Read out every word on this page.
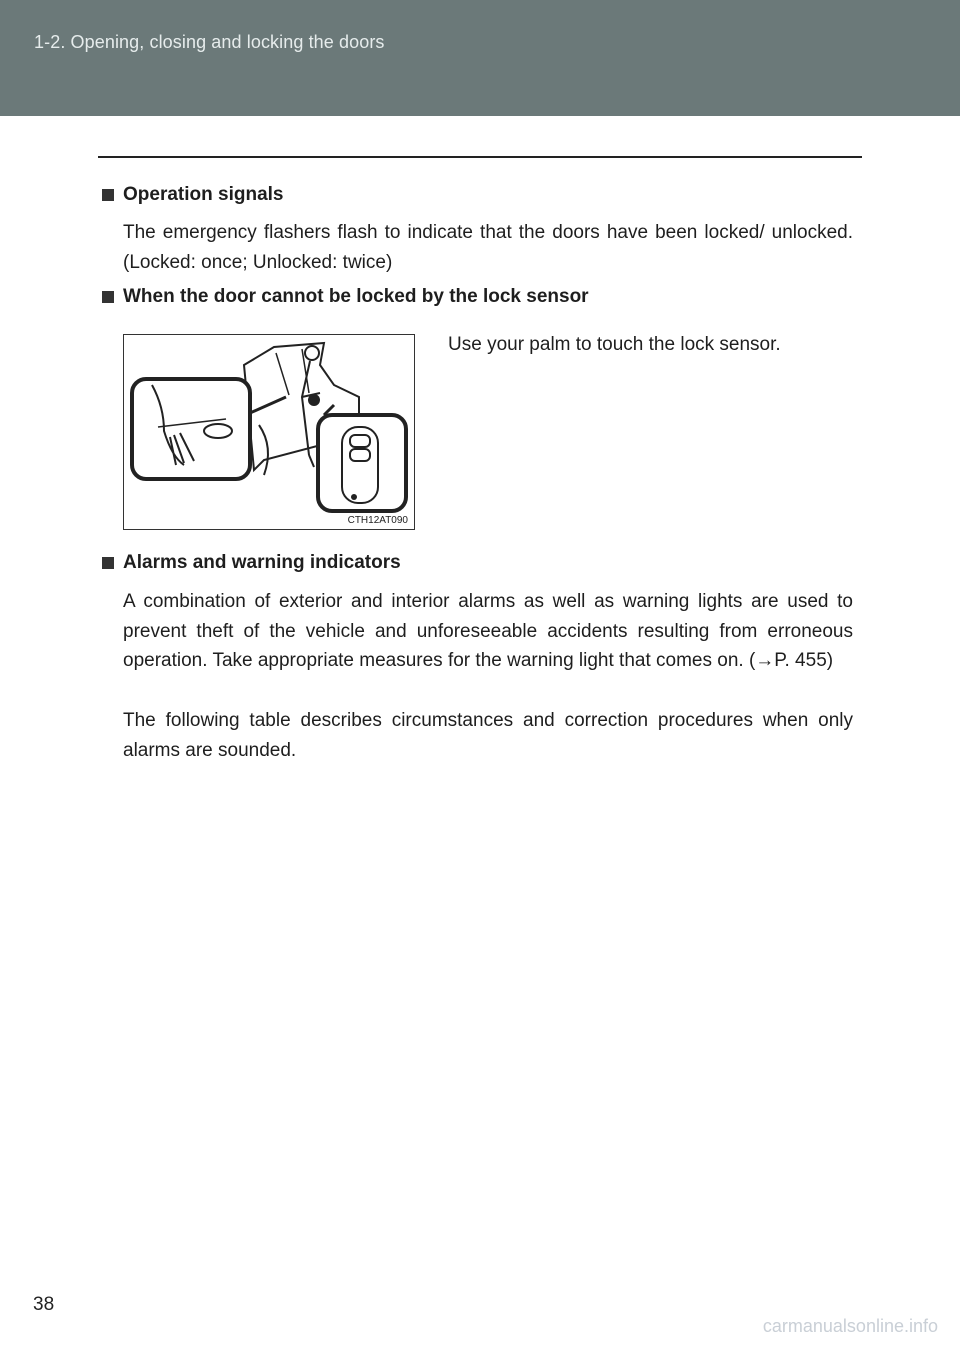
1-2. Opening, closing and locking the doors
Operation signals
The emergency flashers flash to indicate that the doors have been locked/ unlocked. (Locked: once; Unlocked: twice)
When the door cannot be locked by the lock sensor
Use your palm to touch the lock sensor.
CTH12AT090
Alarms and warning indicators
A combination of exterior and interior alarms as well as warning lights are used to prevent theft of the vehicle and unforeseeable accidents resulting from erroneous operation. Take appropriate measures for the warning light that comes on. (→P. 455)
The following table describes circumstances and correction procedures when only alarms are sounded.
38
carmanualsonline.info
